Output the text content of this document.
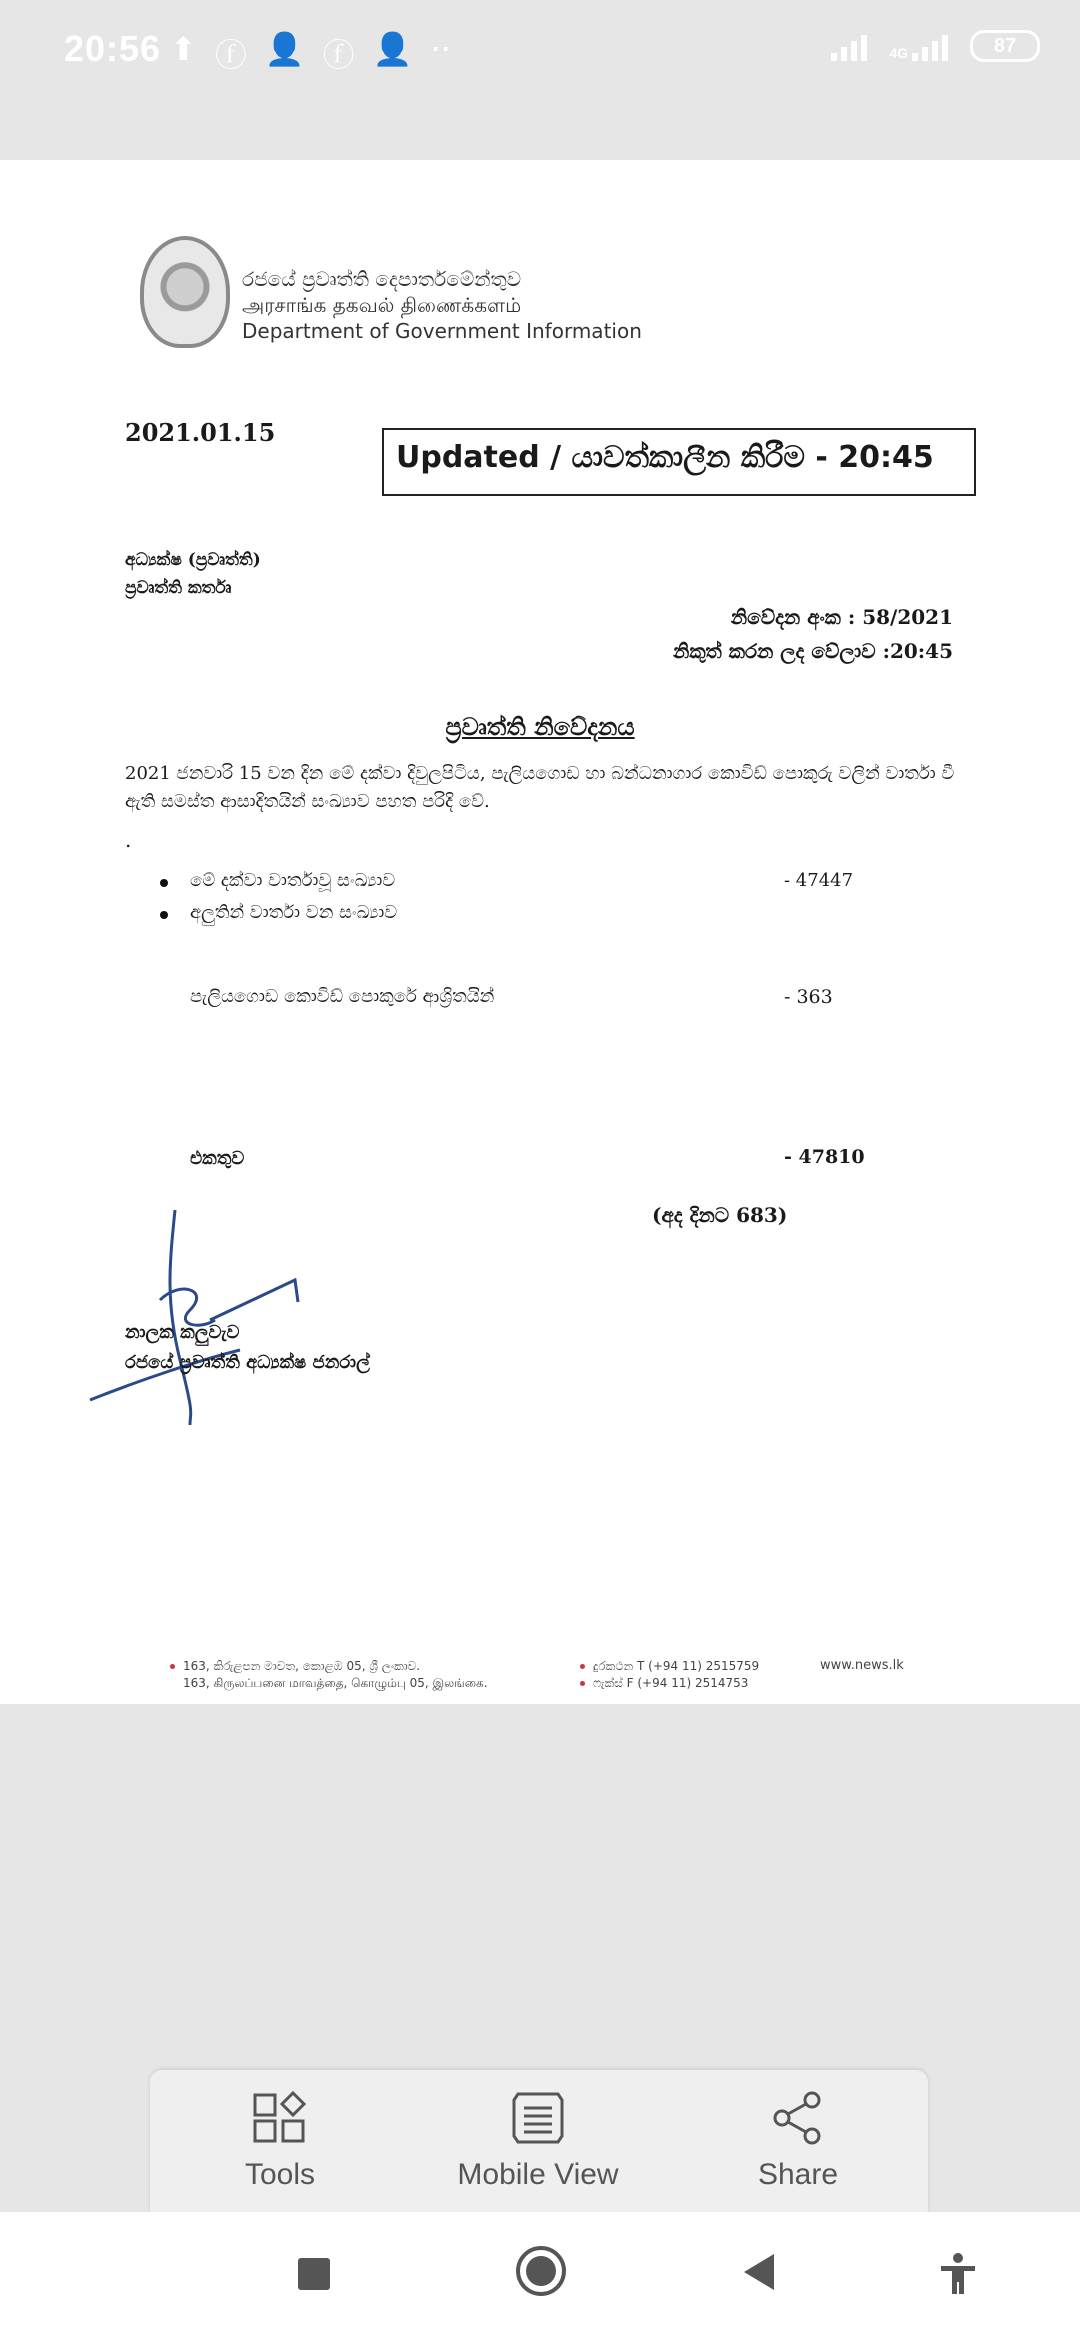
20:56 ⬆ ⓕ 👤 ⓕ 👤 ··	4G	87
රජයේ ප්‍රවෘත්ති දෙපාර්තමේන්තුව
அரசாங்க தகவல் திணைக்களம்
Department of Government Information
2021.01.15
Updated / යාවත්කාලීන කිරීම - 20:45
අධ්‍යක්ෂ (ප්‍රවෘත්ති)
ප්‍රවෘත්ති කර්තෘ
නිවේදන අංක : 58/2021
නිකුත් කරන ලද වේලාව :20:45
ප්‍රවෘත්ති නිවේදනය
2021 ජනවාරි 15 වන දින මේ දක්වා දිවුලපිටිය, පැලියගොඩ හා බන්ධනාගාර කොවිඩ් පොකුරු වලින් වාර්තා වී ඇති සමස්ත ආසාදිතයින් සංඛ්‍යාව පහත පරිදි වේ.
.
මේ දක්වා වාර්තාවූ සංඛ්‍යාව	- 47447
අලුතින් වාර්තා වන සංඛ්‍යාව
පැලියගොඩ කොවිඩ් පොකුරේ ආශ්‍රිතයින්	- 363
එකතුව	- 47810
(අද දිනට 683)
නාලක කලුවැව
රජයේ ප්‍රවෘත්ති අධ්‍යක්ෂ ජනරාල්
163, කිරුළපන මාවත, කොළඹ 05, ශ්‍රී ලංකාව.
163, கிருலப்பனை மாவத்தை, கொழும்பு 05, இலங்கை.
දුරකථන T (+94 11) 2515759
ෆැක්ස් F (+94 11) 2514753
www.news.lk
Tools	Mobile View	Share
